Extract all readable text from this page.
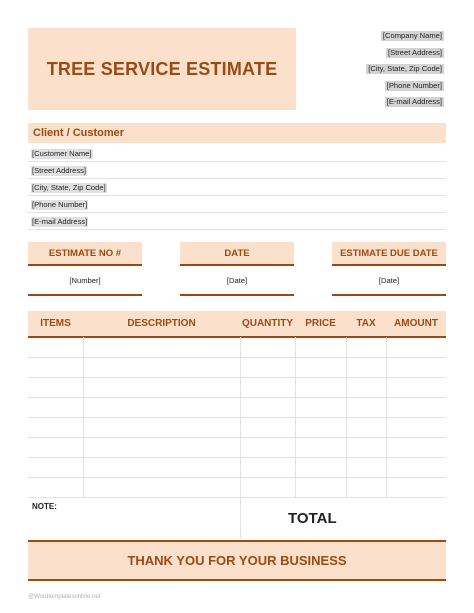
TREE SERVICE ESTIMATE
[Company Name]
[Street Address]
[City, State, Zip Code]
[Phone Number]
[E-mail Address]
Client / Customer
[Customer Name]
[Street Address]
[City, State, Zip Code]
[Phone Number]
[E-mail Address]
ESTIMATE NO #
[Number]
DATE
[Date]
ESTIMATE DUE DATE
[Date]
ITEMS	DESCRIPTION	QUANTITY	PRICE	TAX	AMOUNT
NOTE:
TOTAL
THANK YOU FOR YOUR BUSINESS
@Wordtemplatesonline.net
